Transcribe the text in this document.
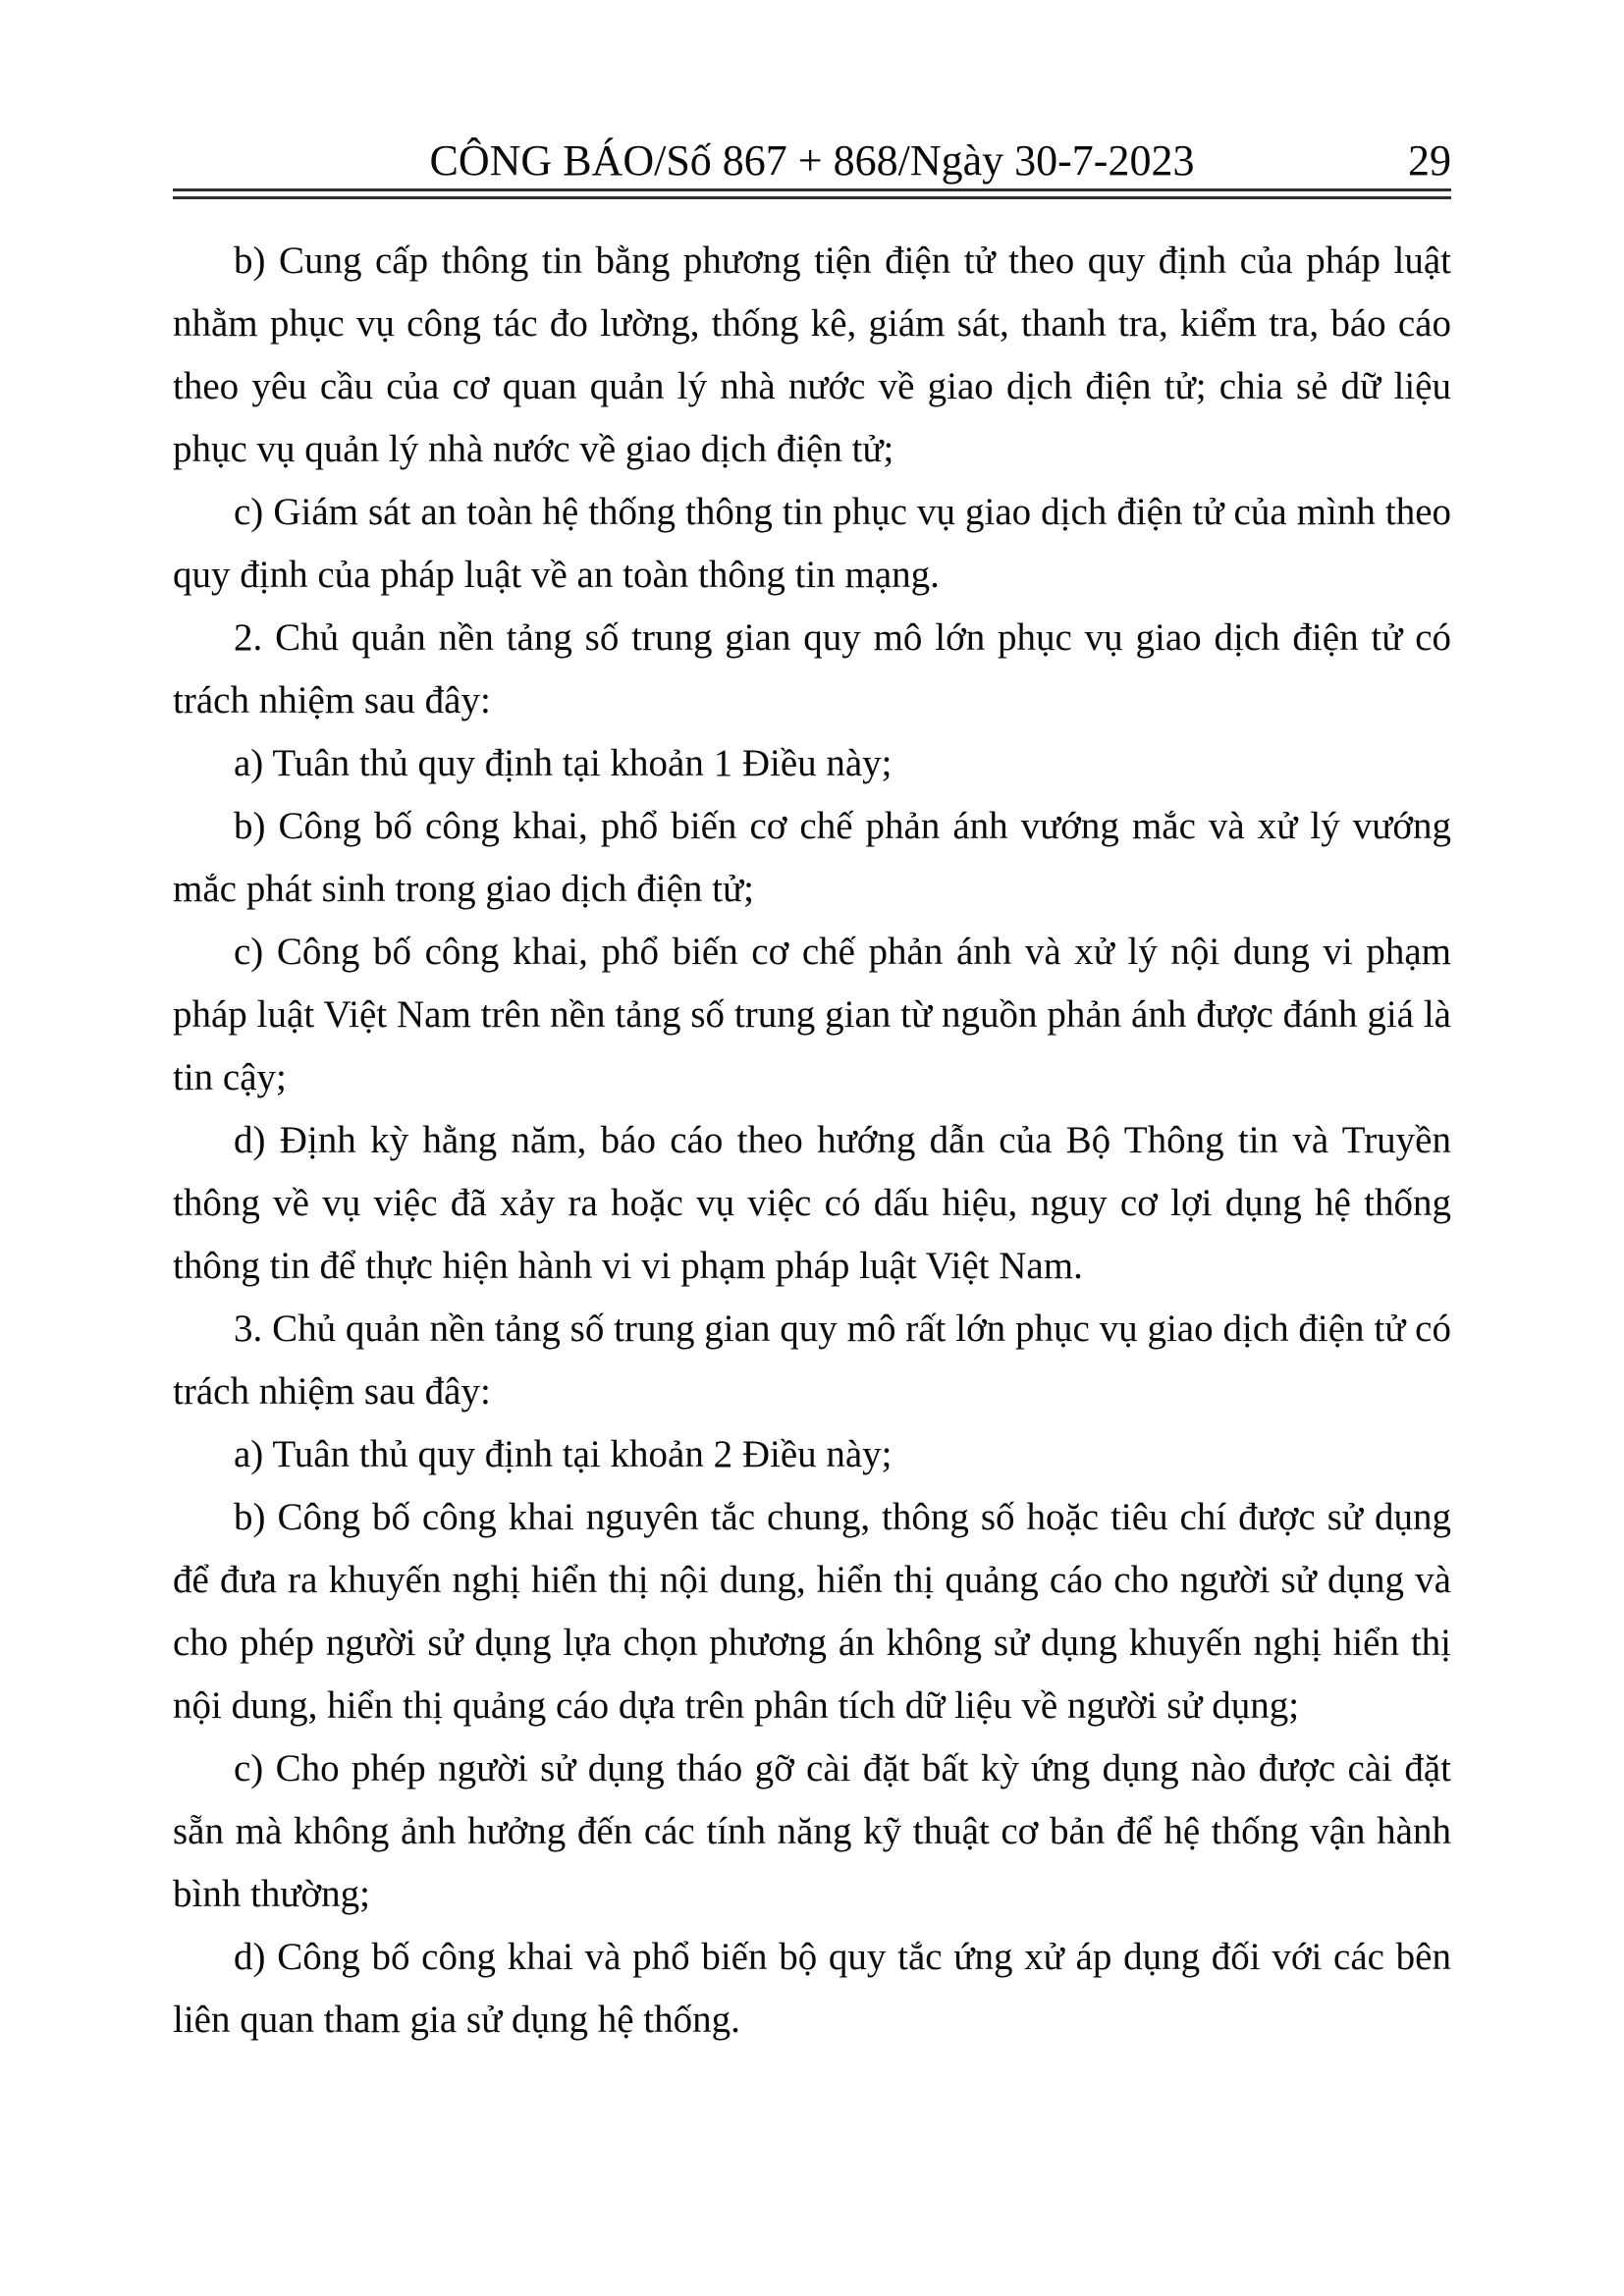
CÔNG BÁO/Số 867 + 868/Ngày 30-7-2023	29

b) Cung cấp thông tin bằng phương tiện điện tử theo quy định của pháp luật nhằm phục vụ công tác đo lường, thống kê, giám sát, thanh tra, kiểm tra, báo cáo theo yêu cầu của cơ quan quản lý nhà nước về giao dịch điện tử; chia sẻ dữ liệu phục vụ quản lý nhà nước về giao dịch điện tử;

c) Giám sát an toàn hệ thống thông tin phục vụ giao dịch điện tử của mình theo quy định của pháp luật về an toàn thông tin mạng.

2. Chủ quản nền tảng số trung gian quy mô lớn phục vụ giao dịch điện tử có trách nhiệm sau đây:

a) Tuân thủ quy định tại khoản 1 Điều này;

b) Công bố công khai, phổ biến cơ chế phản ánh vướng mắc và xử lý vướng mắc phát sinh trong giao dịch điện tử;

c) Công bố công khai, phổ biến cơ chế phản ánh và xử lý nội dung vi phạm pháp luật Việt Nam trên nền tảng số trung gian từ nguồn phản ánh được đánh giá là tin cậy;

d) Định kỳ hằng năm, báo cáo theo hướng dẫn của Bộ Thông tin và Truyền thông về vụ việc đã xảy ra hoặc vụ việc có dấu hiệu, nguy cơ lợi dụng hệ thống thông tin để thực hiện hành vi vi phạm pháp luật Việt Nam.

3. Chủ quản nền tảng số trung gian quy mô rất lớn phục vụ giao dịch điện tử có trách nhiệm sau đây:

a) Tuân thủ quy định tại khoản 2 Điều này;

b) Công bố công khai nguyên tắc chung, thông số hoặc tiêu chí được sử dụng để đưa ra khuyến nghị hiển thị nội dung, hiển thị quảng cáo cho người sử dụng và cho phép người sử dụng lựa chọn phương án không sử dụng khuyến nghị hiển thị nội dung, hiển thị quảng cáo dựa trên phân tích dữ liệu về người sử dụng;

c) Cho phép người sử dụng tháo gỡ cài đặt bất kỳ ứng dụng nào được cài đặt sẵn mà không ảnh hưởng đến các tính năng kỹ thuật cơ bản để hệ thống vận hành bình thường;

d) Công bố công khai và phổ biến bộ quy tắc ứng xử áp dụng đối với các bên liên quan tham gia sử dụng hệ thống.
